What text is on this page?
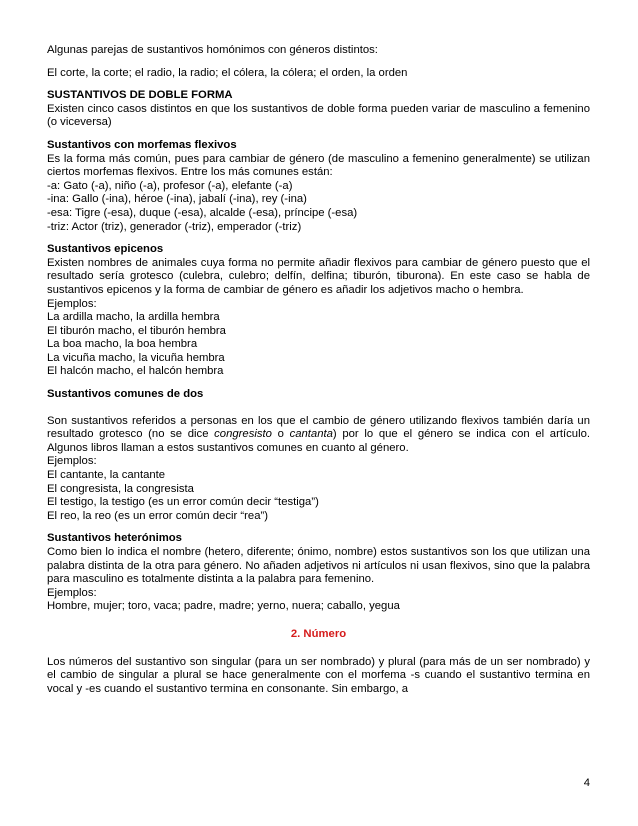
Algunas parejas de sustantivos homónimos con géneros distintos:

El corte, la corte; el radio, la radio; el cólera, la cólera; el orden, la orden

SUSTANTIVOS DE DOBLE FORMA

Existen cinco casos distintos en que los sustantivos de doble forma pueden variar de masculino a femenino (o viceversa)

Sustantivos con morfemas flexivos

Es la forma más común, pues para cambiar de género (de masculino a femenino generalmente) se utilizan ciertos morfemas flexivos. Entre los más comunes están:

-a: Gato (-a), niño (-a), profesor (-a), elefante (-a)

-ina: Gallo (-ina), héroe (-ina), jabalí (-ina), rey (-ina)

-esa: Tigre (-esa), duque (-esa), alcalde (-esa), príncipe (-esa)

-triz: Actor (triz), generador (-triz), emperador (-triz)

Sustantivos epicenos

Existen nombres de animales cuya forma no permite añadir flexivos para cambiar de género puesto que el resultado sería grotesco (culebra, culebro; delfín, delfina; tiburón, tiburona). En este caso se habla de sustantivos epicenos y la forma de cambiar de género es añadir los adjetivos macho o hembra.

Ejemplos:

La ardilla macho, la ardilla hembra

El tiburón macho, el tiburón hembra

La boa macho, la boa hembra

La vicuña macho, la vicuña hembra

El halcón macho, el halcón hembra

Sustantivos comunes de dos

Son sustantivos referidos a personas en los que el cambio de género utilizando flexivos también daría un resultado grotesco (no se dice congresisto o cantanta) por lo que el género se indica con el artículo. Algunos libros llaman a estos sustantivos comunes en cuanto al género.

Ejemplos:

El cantante, la cantante

El congresista, la congresista

El testigo, la testigo (es un error común decir “testiga”)

El reo, la reo (es un error común decir “rea”)

Sustantivos heterónimos

Como bien lo indica el nombre (hetero, diferente; ónimo, nombre) estos sustantivos son los que utilizan una palabra distinta de la otra para género. No añaden adjetivos ni artículos ni usan flexivos, sino que la palabra para masculino es totalmente distinta a la palabra para femenino.

Ejemplos:

Hombre, mujer; toro, vaca; padre, madre; yerno, nuera; caballo, yegua

2. Número

Los números del sustantivo son singular (para un ser nombrado) y plural (para más de un ser nombrado) y el cambio de singular a plural se hace generalmente con el morfema -s cuando el sustantivo termina en vocal y -es cuando el sustantivo termina en consonante. Sin embargo, a

4
